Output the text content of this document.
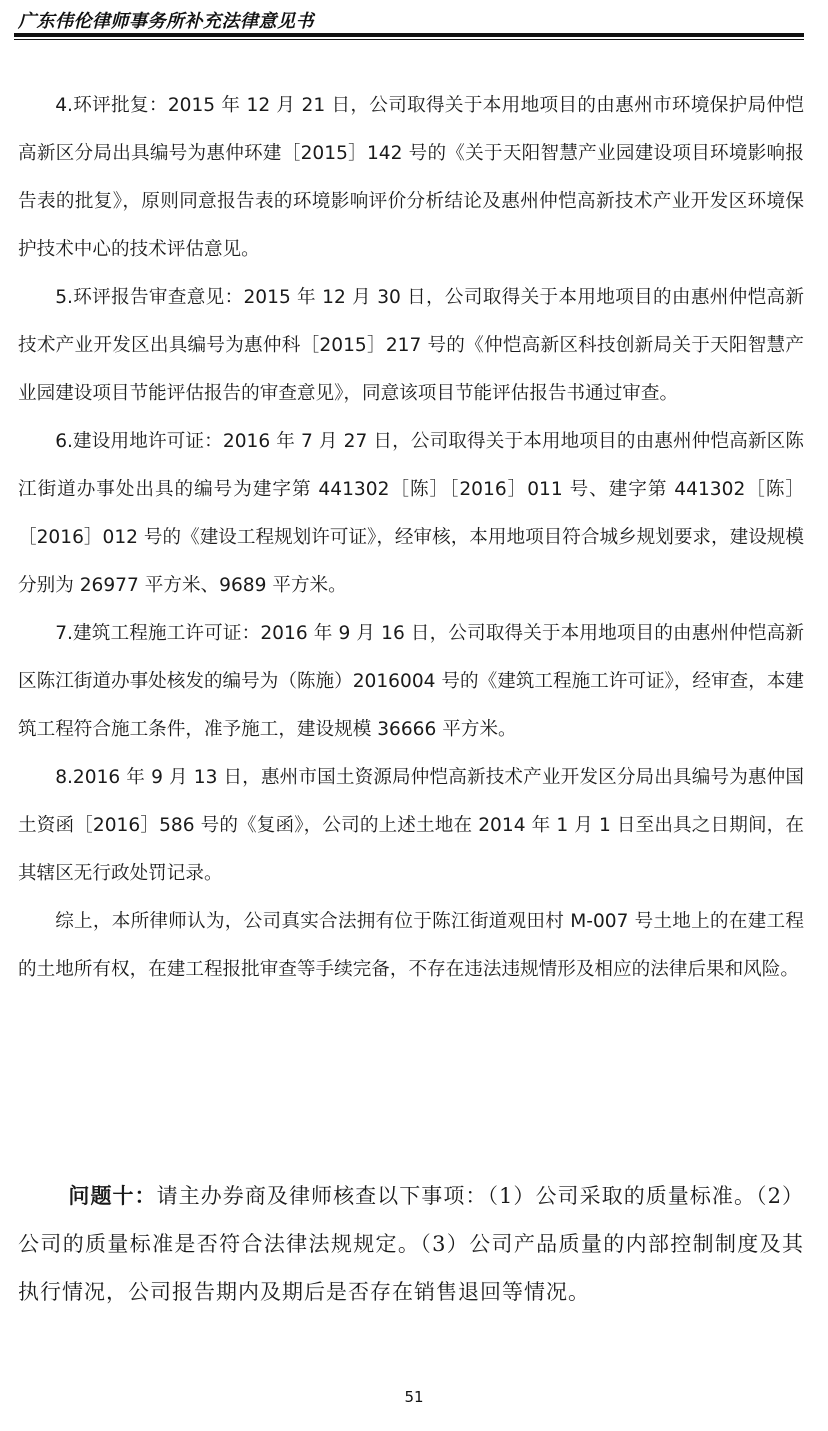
广东伟伦律师事务所补充法律意见书

4.环评批复：2015 年 12 月 21 日，公司取得关于本用地项目的由惠州市环境保护局仲恺高新区分局出具编号为惠仲环建［2015］142 号的《关于天阳智慧产业园建设项目环境影响报告表的批复》，原则同意报告表的环境影响评价分析结论及惠州仲恺高新技术产业开发区环境保护技术中心的技术评估意见。

5.环评报告审查意见：2015 年 12 月 30 日，公司取得关于本用地项目的由惠州仲恺高新技术产业开发区出具编号为惠仲科［2015］217 号的《仲恺高新区科技创新局关于天阳智慧产业园建设项目节能评估报告的审查意见》，同意该项目节能评估报告书通过审查。

6.建设用地许可证：2016 年 7 月 27 日，公司取得关于本用地项目的由惠州仲恺高新区陈江街道办事处出具的编号为建字第 441302［陈］［2016］011 号、建字第 441302［陈］［2016］012 号的《建设工程规划许可证》，经审核，本用地项目符合城乡规划要求，建设规模分别为 26977 平方米、9689 平方米。

7.建筑工程施工许可证：2016 年 9 月 16 日，公司取得关于本用地项目的由惠州仲恺高新区陈江街道办事处核发的编号为（陈施）2016004 号的《建筑工程施工许可证》，经审查，本建筑工程符合施工条件，准予施工，建设规模 36666 平方米。

8.2016 年 9 月 13 日，惠州市国土资源局仲恺高新技术产业开发区分局出具编号为惠仲国土资函［2016］586 号的《复函》，公司的上述土地在 2014 年 1 月 1 日至出具之日期间，在其辖区无行政处罚记录。

综上，本所律师认为，公司真实合法拥有位于陈江街道观田村 M-007 号土地上的在建工程的土地所有权，在建工程报批审查等手续完备，不存在违法违规情形及相应的法律后果和风险。

问题十：请主办券商及律师核查以下事项：（1）公司采取的质量标准。（2）公司的质量标准是否符合法律法规规定。（3）公司产品质量的内部控制制度及其执行情况，公司报告期内及期后是否存在销售退回等情况。

51
